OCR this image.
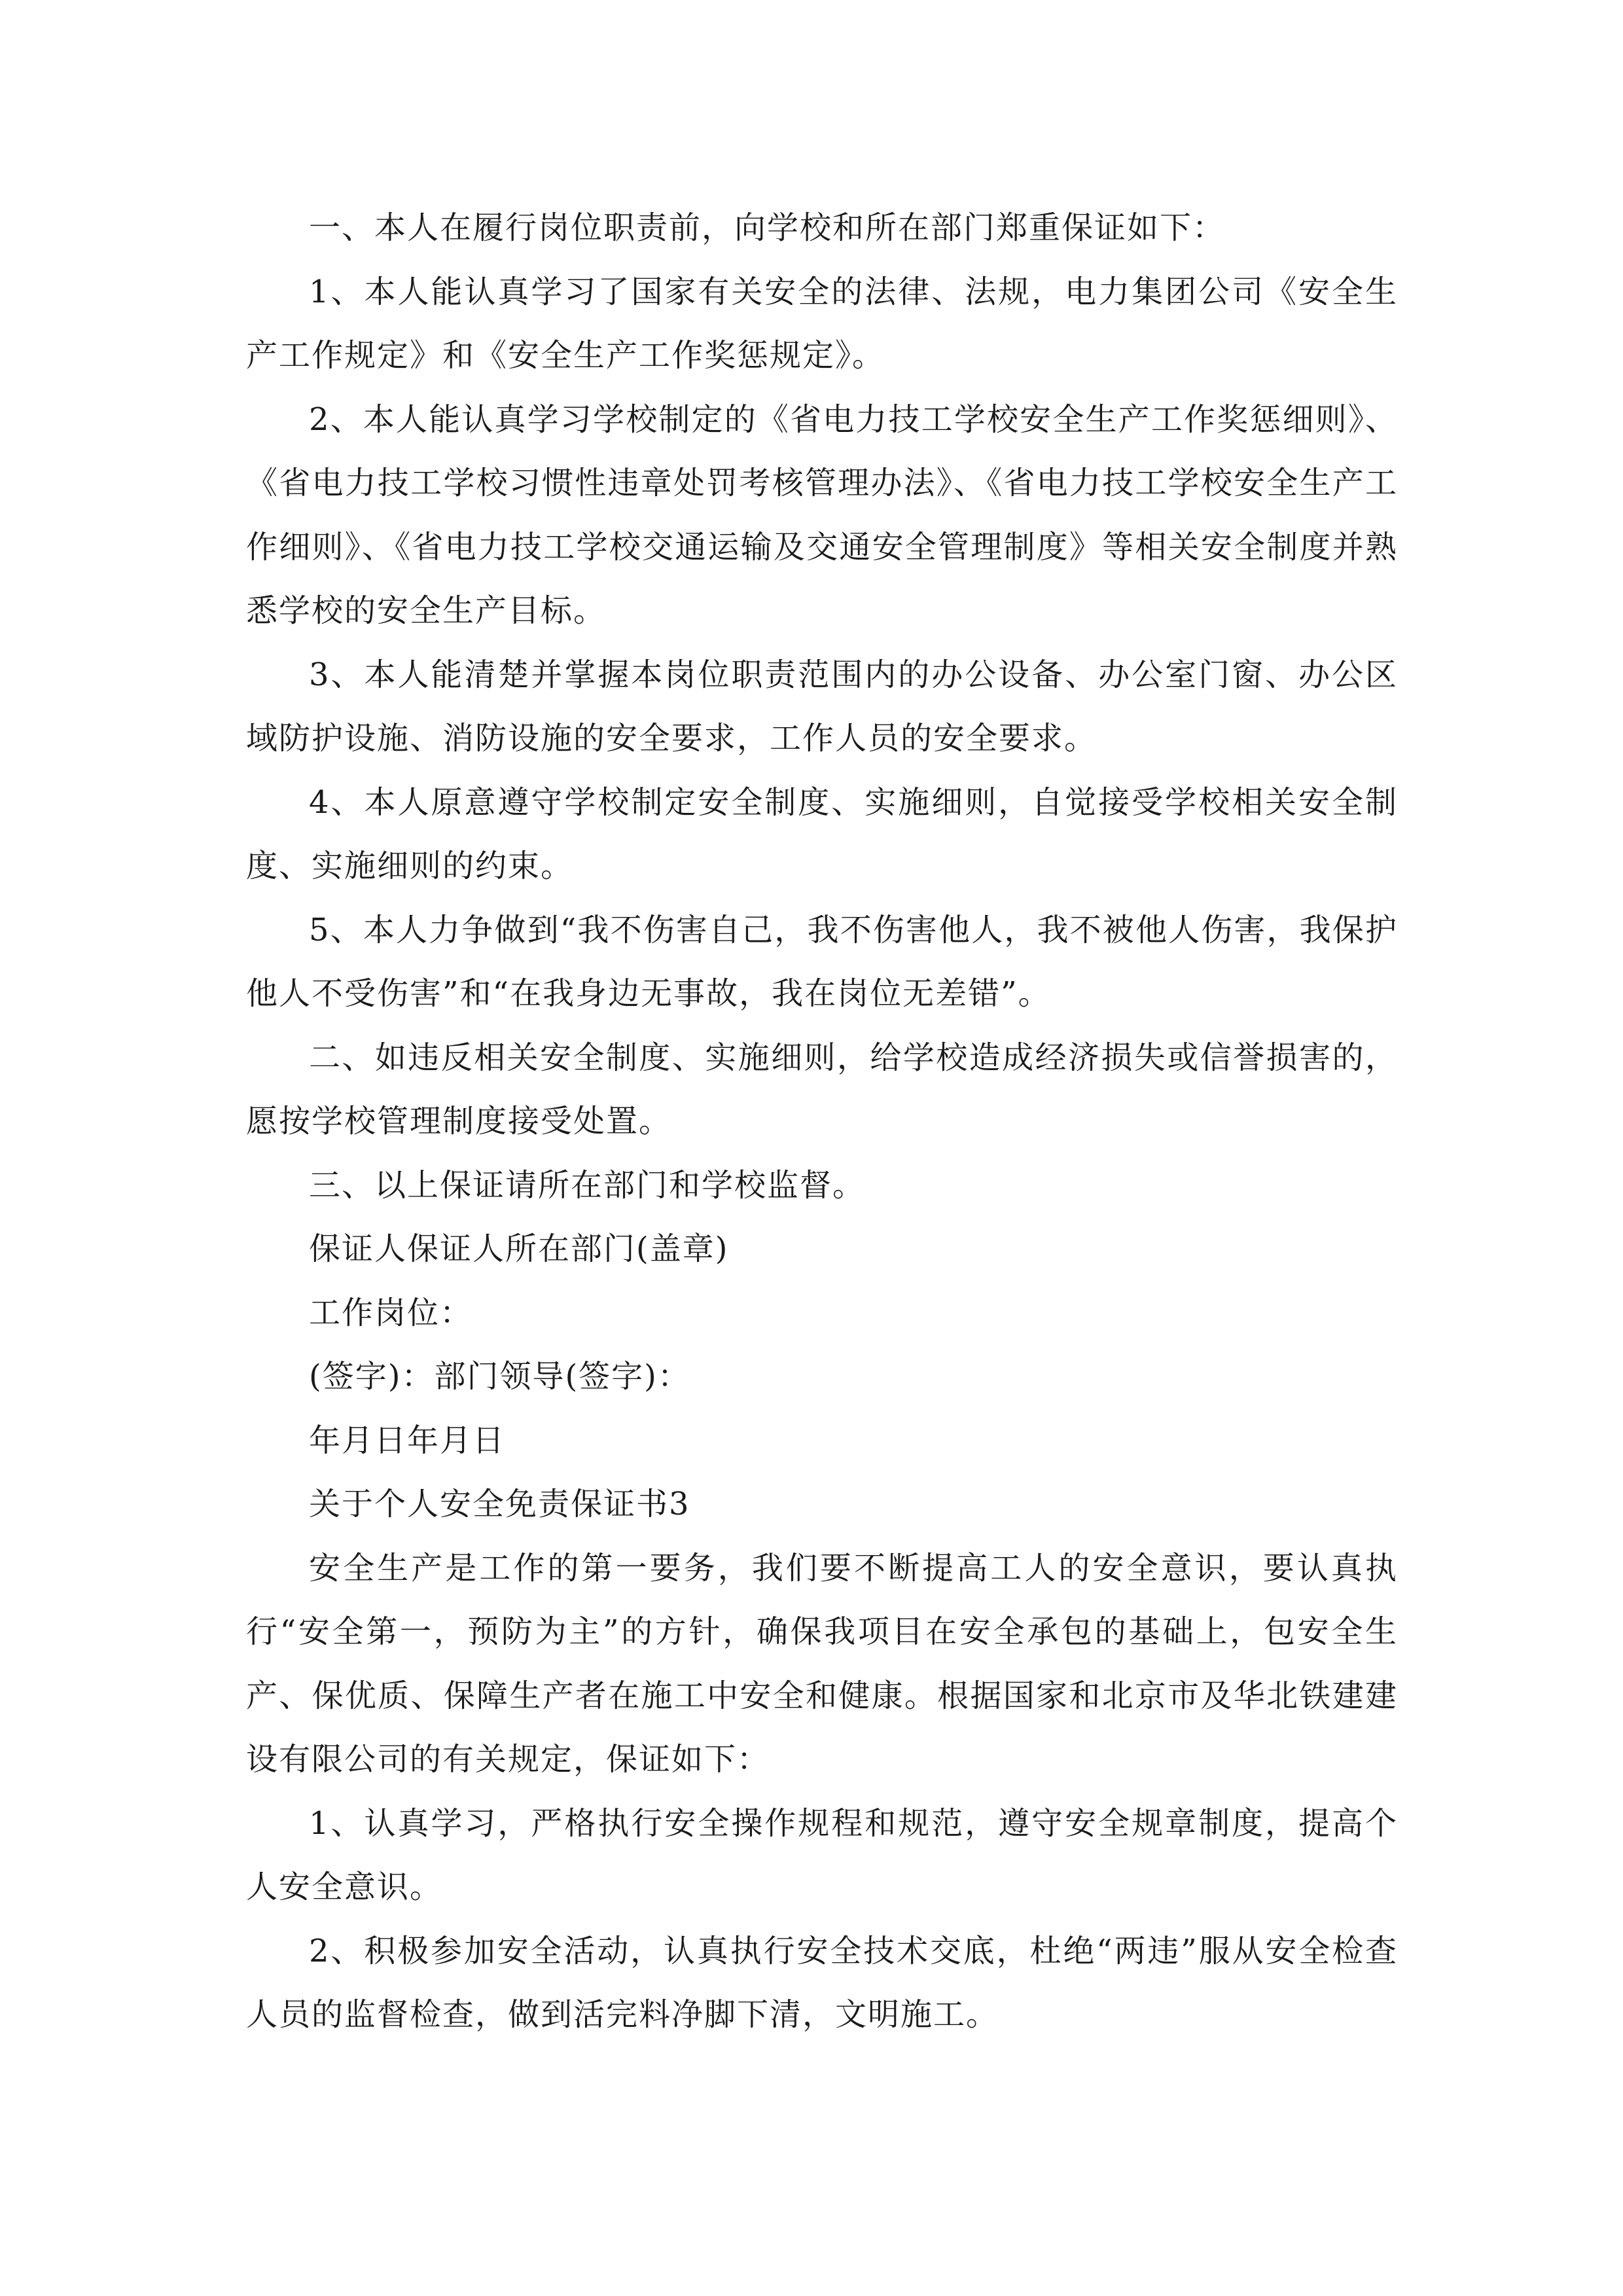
一、本人在履行岗位职责前，向学校和所在部门郑重保证如下：

1、本人能认真学习了国家有关安全的法律、法规，电力集团公司《安全生产工作规定》和《安全生产工作奖惩规定》。

2、本人能认真学习学校制定的《省电力技工学校安全生产工作奖惩细则》、《省电力技工学校习惯性违章处罚考核管理办法》、《省电力技工学校安全生产工作细则》、《省电力技工学校交通运输及交通安全管理制度》等相关安全制度并熟悉学校的安全生产目标。

3、本人能清楚并掌握本岗位职责范围内的办公设备、办公室门窗、办公区域防护设施、消防设施的安全要求，工作人员的安全要求。

4、本人原意遵守学校制定安全制度、实施细则，自觉接受学校相关安全制度、实施细则的约束。

5、本人力争做到“我不伤害自己，我不伤害他人，我不被他人伤害，我保护他人不受伤害”和“在我身边无事故，我在岗位无差错”。

二、如违反相关安全制度、实施细则，给学校造成经济损失或信誉损害的，愿按学校管理制度接受处置。

三、以上保证请所在部门和学校监督。

保证人保证人所在部门(盖章)

工作岗位：

(签字)：部门领导(签字)：

年月日年月日

关于个人安全免责保证书3

安全生产是工作的第一要务，我们要不断提高工人的安全意识，要认真执行“安全第一，预防为主”的方针，确保我项目在安全承包的基础上，包安全生产、保优质、保障生产者在施工中安全和健康。根据国家和北京市及华北铁建建设有限公司的有关规定，保证如下：

1、认真学习，严格执行安全操作规程和规范，遵守安全规章制度，提高个人安全意识。

2、积极参加安全活动，认真执行安全技术交底，杜绝“两违”服从安全检查人员的监督检查，做到活完料净脚下清，文明施工。
